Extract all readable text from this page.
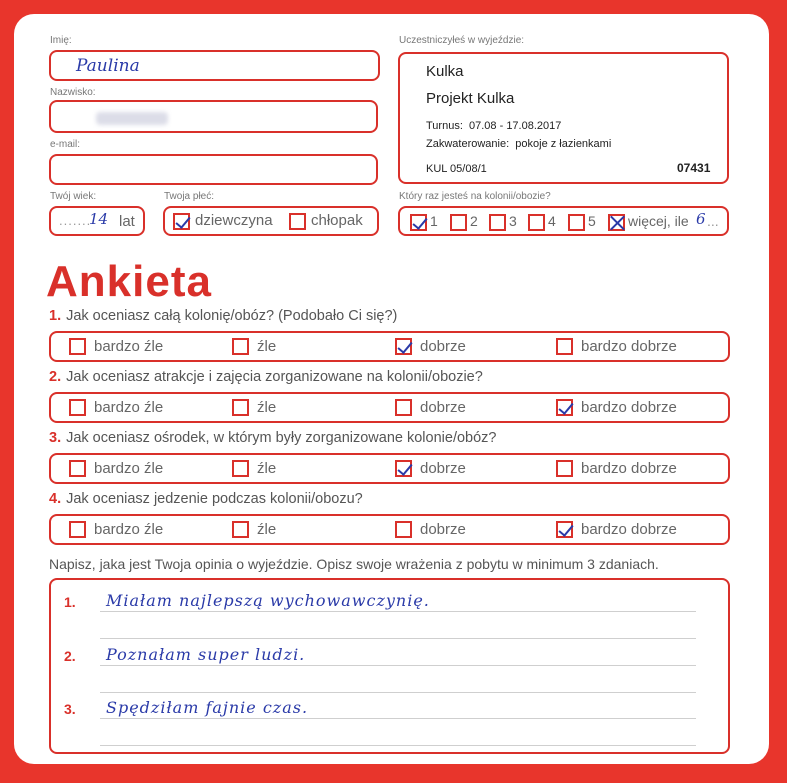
Imię:
Paulina
Nazwisko:
e-mail:
Twój wiek:
.......
14 lat
Twoja płeć:
dziewczyna	chłopak
Uczestniczyłeś w wyjeździe:
Kulka
Projekt Kulka
Turnus: 07.08 - 17.08.2017
Zakwaterowanie: pokoje z łazienkami
KUL 05/08/1	07431
Który raz jesteś na kolonii/obozie?
1	2	3	4	5	więcej, ile 6 ...
Ankieta
1. Jak oceniasz całą kolonię/obóz? (Podobało Ci się?)
bardzo źle	źle	dobrze	bardzo dobrze
2. Jak oceniasz atrakcje i zajęcia zorganizowane na kolonii/obozie?
bardzo źle	źle	dobrze	bardzo dobrze
3. Jak oceniasz ośrodek, w którym były zorganizowane kolonie/obóz?
bardzo źle	źle	dobrze	bardzo dobrze
4. Jak oceniasz jedzenie podczas kolonii/obozu?
bardzo źle	źle	dobrze	bardzo dobrze
Napisz, jaka jest Twoja opinia o wyjeździe. Opisz swoje wrażenia z pobytu w minimum 3 zdaniach.
1. Miałam najlepszą wychowawczynię.
2. Poznałam super ludzi.
3. Spędziłam fajnie czas.
